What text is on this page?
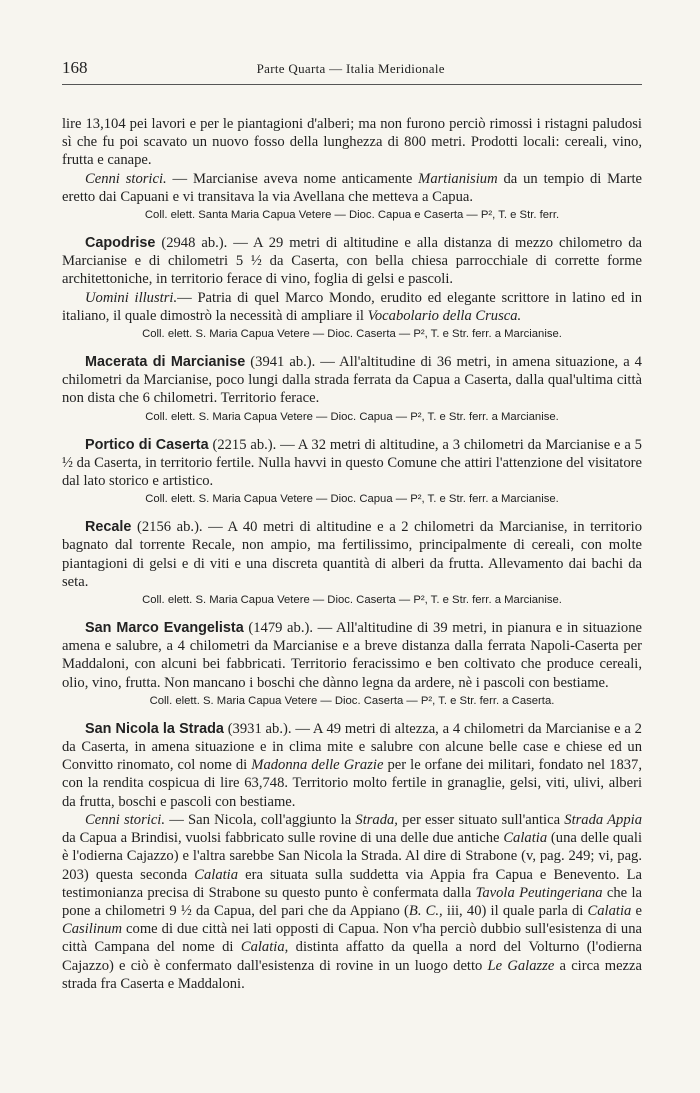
168	Parte Quarta — Italia Meridionale

lire 13,104 pei lavori e per le piantagioni d'alberi; ma non furono perciò rimossi i ristagni paludosi sì che fu poi scavato un nuovo fosso della lunghezza di 800 metri. Prodotti locali: cereali, vino, frutta e canape.

Cenni storici. — Marcianise aveva nome anticamente Martianisium da un tempio di Marte eretto dai Capuani e vi transitava la via Avellana che metteva a Capua.

Coll. elett. Santa Maria Capua Vetere — Dioc. Capua e Caserta — P², T. e Str. ferr.

Capodrise (2948 ab.). — A 29 metri di altitudine e alla distanza di mezzo chilometro da Marcianise e di chilometri 5 ½ da Caserta, con bella chiesa parrocchiale di corrette forme architettoniche, in territorio ferace di vino, foglia di gelsi e pascoli.

Uomini illustri.— Patria di quel Marco Mondo, erudito ed elegante scrittore in latino ed in italiano, il quale dimostrò la necessità di ampliare il Vocabolario della Crusca.

Coll. elett. S. Maria Capua Vetere — Dioc. Caserta — P², T. e Str. ferr. a Marcianise.

Macerata di Marcianise (3941 ab.). — All'altitudine di 36 metri, in amena situazione, a 4 chilometri da Marcianise, poco lungi dalla strada ferrata da Capua a Caserta, dalla qual'ultima città non dista che 6 chilometri. Territorio ferace.

Coll. elett. S. Maria Capua Vetere — Dioc. Capua — P², T. e Str. ferr. a Marcianise.

Portico di Caserta (2215 ab.). — A 32 metri di altitudine, a 3 chilometri da Marcianise e a 5 ½ da Caserta, in territorio fertile. Nulla havvi in questo Comune che attiri l'attenzione del visitatore dal lato storico e artistico.

Coll. elett. S. Maria Capua Vetere — Dioc. Capua — P², T. e Str. ferr. a Marcianise.

Recale (2156 ab.). — A 40 metri di altitudine e a 2 chilometri da Marcianise, in territorio bagnato dal torrente Recale, non ampio, ma fertilissimo, principalmente di cereali, con molte piantagioni di gelsi e di viti e una discreta quantità di alberi da frutta. Allevamento dai bachi da seta.

Coll. elett. S. Maria Capua Vetere — Dioc. Caserta — P², T. e Str. ferr. a Marcianise.

San Marco Evangelista (1479 ab.). — All'altitudine di 39 metri, in pianura e in situazione amena e salubre, a 4 chilometri da Marcianise e a breve distanza dalla ferrata Napoli-Caserta per Maddaloni, con alcuni bei fabbricati. Territorio feracissimo e ben coltivato che produce cereali, olio, vino, frutta. Non mancano i boschi che dànno legna da ardere, nè i pascoli con bestiame.

Coll. elett. S. Maria Capua Vetere — Dioc. Caserta — P², T. e Str. ferr. a Caserta.

San Nicola la Strada (3931 ab.). — A 49 metri di altezza, a 4 chilometri da Marcianise e a 2 da Caserta, in amena situazione e in clima mite e salubre con alcune belle case e chiese ed un Convitto rinomato, col nome di Madonna delle Grazie per le orfane dei militari, fondato nel 1837, con la rendita cospicua di lire 63,748. Territorio molto fertile in granaglie, gelsi, viti, ulivi, alberi da frutta, boschi e pascoli con bestiame.

Cenni storici. — San Nicola, coll'aggiunto la Strada, per esser situato sull'antica Strada Appia da Capua a Brindisi, vuolsi fabbricato sulle rovine di una delle due antiche Calatia (una delle quali è l'odierna Cajazzo) e l'altra sarebbe San Nicola la Strada. Al dire di Strabone (v, pag. 249; vi, pag. 203) questa seconda Calatia era situata sulla suddetta via Appia fra Capua e Benevento. La testimonianza precisa di Strabone su questo punto è confermata dalla Tavola Peutingeriana che la pone a chilometri 9 ½ da Capua, del pari che da Appiano (B. C., iii, 40) il quale parla di Calatia e Casilinum come di due città nei lati opposti di Capua. Non v'ha perciò dubbio sull'esistenza di una città Campana del nome di Calatia, distinta affatto da quella a nord del Volturno (l'odierna Cajazzo) e ciò è confermato dall'esistenza di rovine in un luogo detto Le Galazze a circa mezza strada fra Caserta e Maddaloni.
